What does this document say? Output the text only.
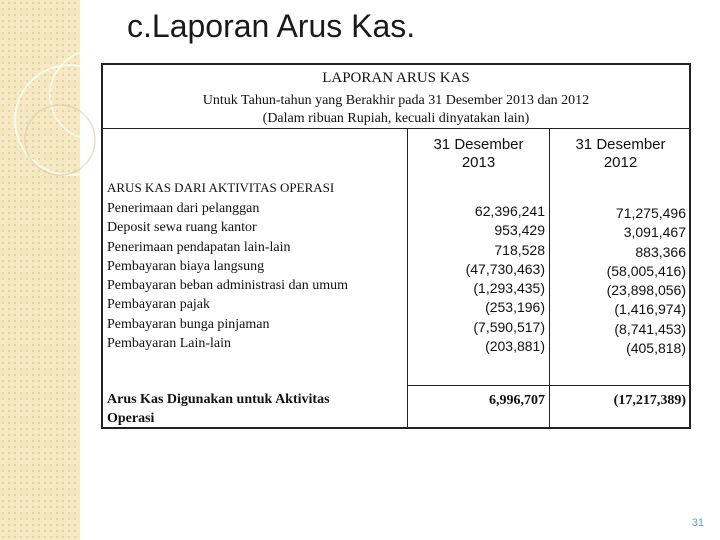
c.Laporan Arus Kas.
LAPORAN ARUS KAS
Untuk Tahun-tahun yang Berakhir pada 31 Desember 2013 dan 2012
(Dalam ribuan Rupiah, kecuali dinyatakan lain)
31 Desember
2013
31 Desember
2012
ARUS KAS DARI AKTIVITAS OPERASI
Penerimaan dari pelanggan
Deposit sewa ruang kantor
Penerimaan pendapatan lain-lain
Pembayaran biaya langsung
Pembayaran beban administrasi dan umum
Pembayaran pajak
Pembayaran bunga pinjaman
Pembayaran Lain-lain
62,396,241
953,429
718,528
(47,730,463)
(1,293,435)
(253,196)
(7,590,517)
(203,881)
71,275,496
3,091,467
883,366
(58,005,416)
(23,898,056)
(1,416,974)
(8,741,453)
(405,818)
Arus Kas Digunakan untuk Aktivitas Operasi
6,996,707	(17,217,389)
31
